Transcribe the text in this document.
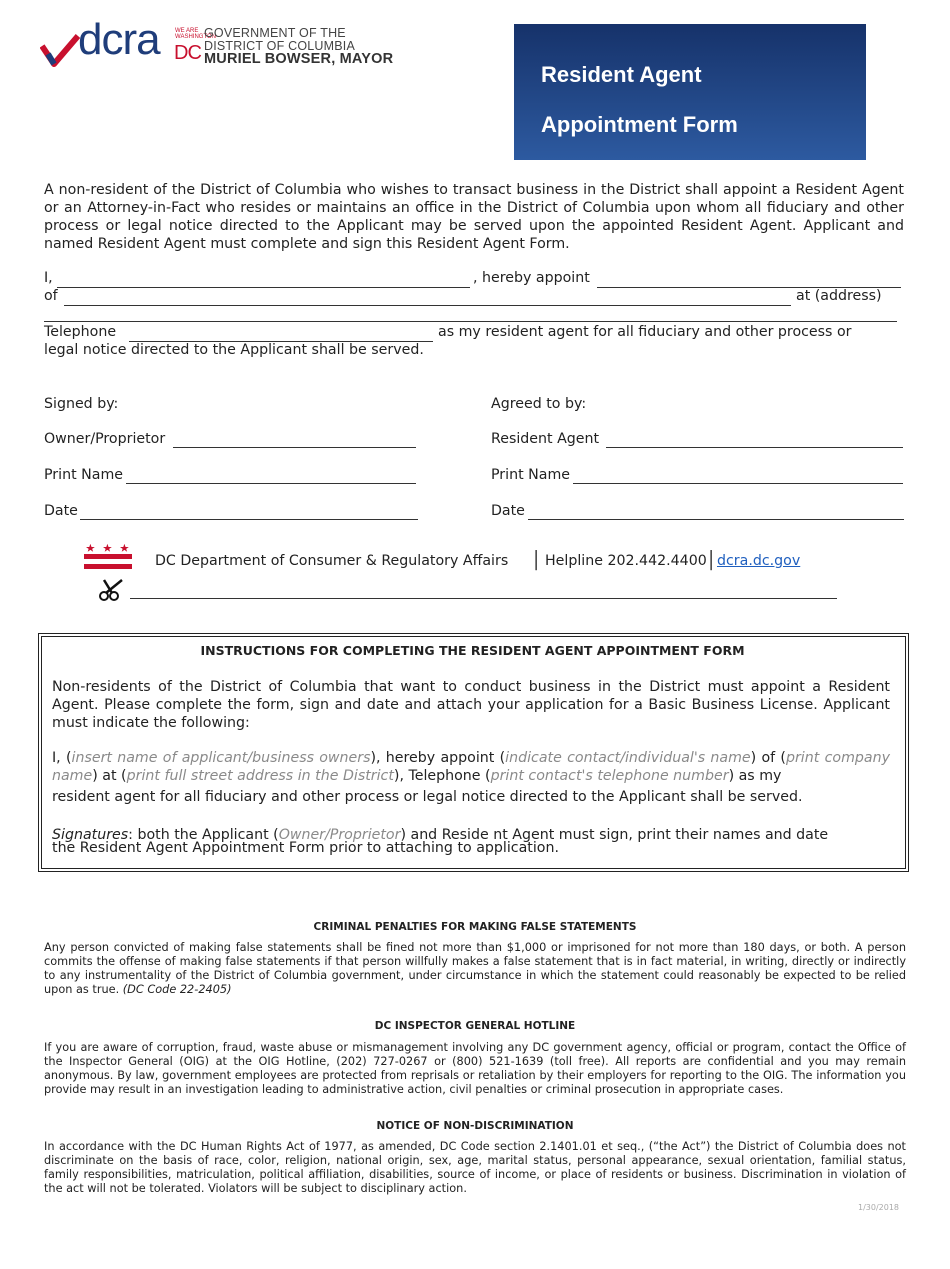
dcra	WE ARE WASHINGTON
DC
GOVERNMENT OF THE
DISTRICT OF COLUMBIA
MURIEL BOWSER, MAYOR
Resident Agent
Appointment Form
A non-resident of the District of Columbia who wishes to transact business in the District shall appoint a Resident Agent or an Attorney-in-Fact who resides or maintains an office in the District of Columbia upon whom all fiduciary and other process or legal notice directed to the Applicant may be served upon the appointed Resident Agent. Applicant and named Resident Agent must complete and sign this Resident Agent Form.
I,	, hereby appoint
of	at (address)
Telephone	as my resident agent for all fiduciary and other process or
legal notice directed to the Applicant shall be served.
Signed by:	Agreed to by:
Owner/Proprietor	Resident Agent
Print Name	Print Name
Date	Date
DC Department of Consumer & Regulatory Affairs │ Helpline 202.442.4400 │ dcra.dc.gov
INSTRUCTIONS FOR COMPLETING THE RESIDENT AGENT APPOINTMENT FORM
Non-residents of the District of Columbia that want to conduct business in the District must appoint a Resident Agent. Please complete the form, sign and date and attach your application for a Basic Business License. Applicant must indicate the following:
I, (insert name of applicant/business owners), hereby appoint (indicate contact/individual's name) of (print company name) at (print full street address in the District), Telephone (print contact's telephone number) as my
resident agent for all fiduciary and other process or legal notice directed to the Applicant shall be served.
Signatures: both the Applicant (Owner/Proprietor) and Reside nt Agent must sign, print their names and date
the Resident Agent Appointment Form prior to attaching to application.
CRIMINAL PENALTIES FOR MAKING FALSE STATEMENTS
Any person convicted of making false statements shall be fined not more than $1,000 or imprisoned for not more than 180 days, or both. A person commits the offense of making false statements if that person willfully makes a false statement that is in fact material, in writing, directly or indirectly to any instrumentality of the District of Columbia government, under circumstance in which the statement could reasonably be expected to be relied upon as true. (DC Code 22-2405)
DC INSPECTOR GENERAL HOTLINE
If you are aware of corruption, fraud, waste abuse or mismanagement involving any DC government agency, official or program, contact the Office of the Inspector General (OIG) at the OIG Hotline, (202) 727-0267 or (800) 521-1639 (toll free). All reports are confidential and you may remain anonymous. By law, government employees are protected from reprisals or retaliation by their employers for reporting to the OIG. The information you provide may result in an investigation leading to administrative action, civil penalties or criminal prosecution in appropriate cases.
NOTICE OF NON-DISCRIMINATION
In accordance with the DC Human Rights Act of 1977, as amended, DC Code section 2.1401.01 et seq., (“the Act”) the District of Columbia does not discriminate on the basis of race, color, religion, national origin, sex, age, marital status, personal appearance, sexual orientation, familial status, family responsibilities, matriculation, political affiliation, disabilities, source of income, or place of residents or business. Discrimination in violation of the act will not be tolerated. Violators will be subject to disciplinary action.
1/30/2018
